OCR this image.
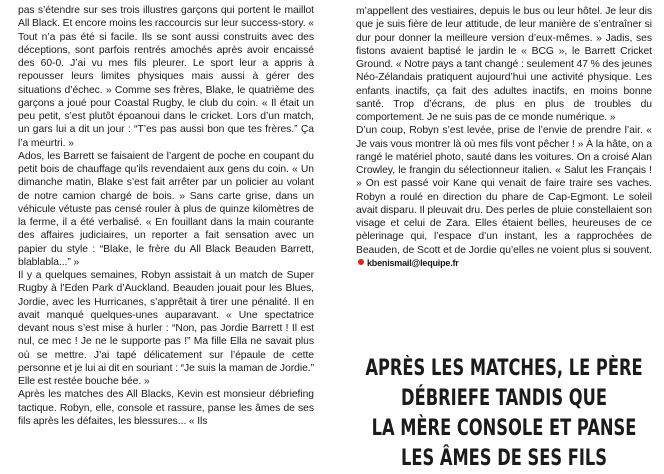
pas s’étendre sur ses trois illustres garçons qui portent le maillot All Black. Et encore moins les raccourcis sur leur success-story. « Tout n’a pas été si facile. Ils se sont aussi construits avec des déceptions, sont parfois rentrés amochés après avoir encaissé des 60-0. J’ai vu mes fils pleurer. Le sport leur a appris à repousser leurs limites physiques mais aussi à gérer des situations d’échec. » Comme ses frères, Blake, le quatrième des garçons a joué pour Coastal Rugby, le club du coin. « Il était un peu petit, s’est plutôt époanoui dans le cricket. Lors d’un match, un gars lui a dit un jour : “T’es pas aussi bon que tes frères.” Ça l’a meurtri. »

Ados, les Barrett se faisaient de l’argent de poche en coupant du petit bois de chauffage qu’ils revendaient aux gens du coin. « Un dimanche matin, Blake s’est fait arrêter par un policier au volant de notre camion chargé de bois. » Sans carte grise, dans un véhicule vétuste pas censé rouler à plus de quinze kilomètres de la ferme, il a été verbalisé. « En fouillant dans la main courante des affaires judiciaires, un reporter a fait sensation avec un papier du style : “Blake, le frère du All Black Beauden Barrett, blablabla...” »

Il y a quelques semaines, Robyn assistait à un match de Super Rugby à l’Eden Park d’Auckland. Beauden jouait pour les Blues, Jordie, avec les Hurricanes, s’apprêtait à tirer une pénalité. Il en avait manqué quelques-unes auparavant. « Une spectatrice devant nous s’est mise à hurler : “Non, pas Jordie Barrett ! Il est nul, ce mec ! Je ne le supporte pas !” Ma fille Ella ne savait plus où se mettre. J’ai tapé délicatement sur l’épaule de cette personne et je lui ai dit en souriant : “Je suis la maman de Jordie.” Elle est restée bouche bée. »

Après les matches des All Blacks, Kevin est monsieur débriefing tactique. Robyn, elle, console et rassure, panse les âmes de ses fils après les défaites, les blessures... « Ils

m’appellent des vestiaires, depuis le bus ou leur hôtel. Je leur dis que je suis fière de leur attitude, de leur manière de s’entraîner si dur pour donner la meilleure version d’eux-mêmes. » Jadis, ses fistons avaient baptisé le jardin le « BCG », le Barrett Cricket Ground. « Notre pays a tant changé : seulement 47 % des jeunes Néo-Zélandais pratiquent aujourd’hui une activité physique. Les enfants inactifs, ça fait des adultes inactifs, en moins bonne santé. Trop d’écrans, de plus en plus de troubles du comportement. Je ne suis pas de ce monde numérique. »

D’un coup, Robyn s’est levée, prise de l’envie de prendre l’air. « Je vais vous montrer là où mes fils vont pêcher ! » À la hâte, on a rangé le matériel photo, sauté dans les voitures. On a croisé Alan Crowley, le frangin du sélectionneur italien. « Salut les Français ! » On est passé voir Kane qui venait de faire traire ses vaches. Robyn a roulé en direction du phare de Cap-Egmont. Le soleil avait disparu. Il pleuvait dru. Des perles de pluie constellaient son visage et celui de Zara. Elles étaient belles, heureuses de ce pèlerinage qui, l’espace d’un instant, les a rapprochées de Beauden, de Scott et de Jordie qu’elles ne voient plus si souvent. kbenismail@lequipe.fr

APRÈS LES MATCHES, LE PÈRE
DÉBRIEFE TANDIS QUE
LA MÈRE CONSOLE ET PANSE
LES ÂMES DE SES FILS
